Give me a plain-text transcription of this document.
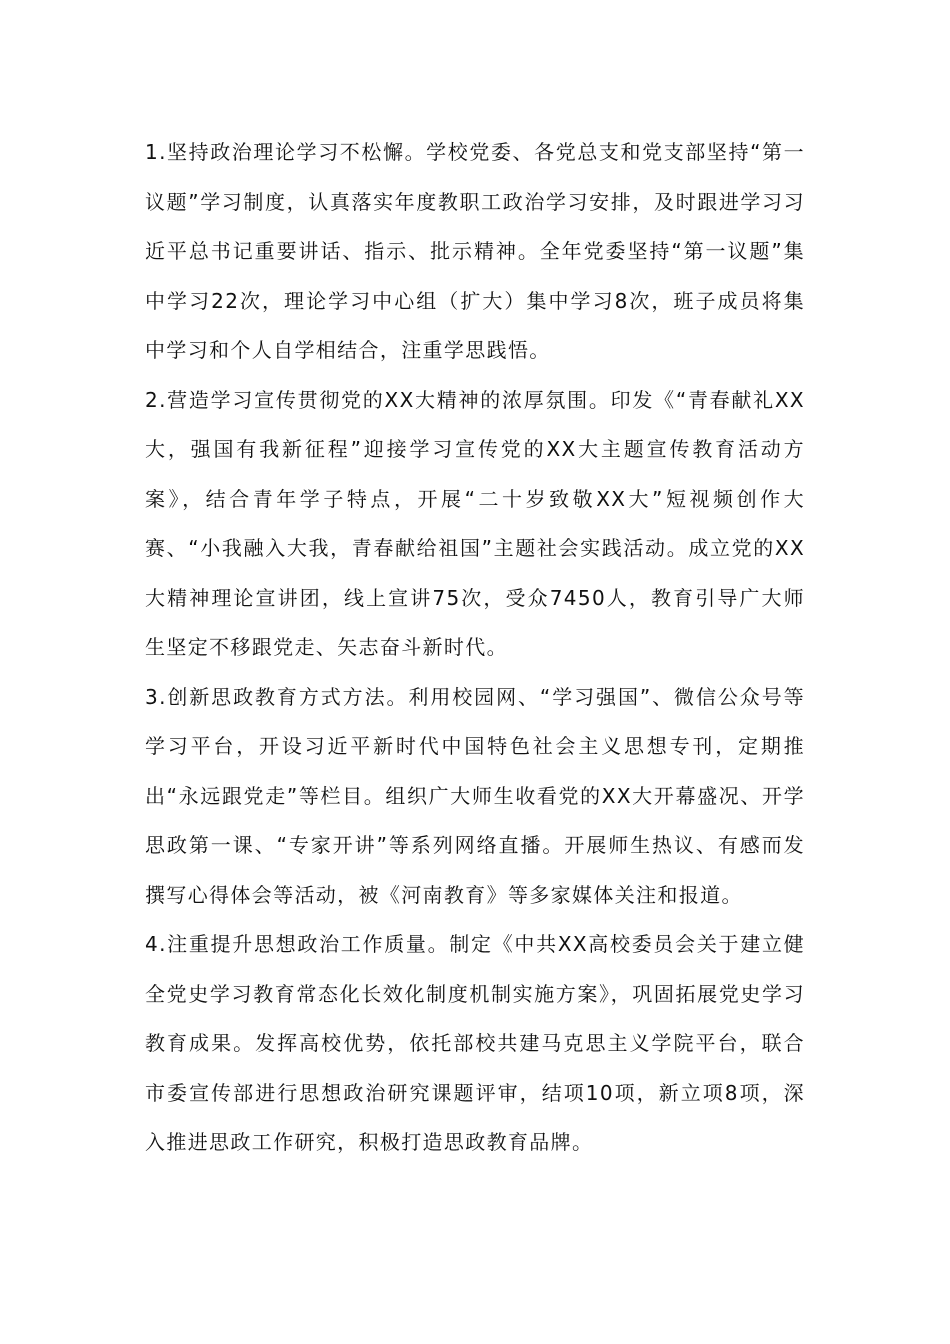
1.坚持政治理论学习不松懈。学校党委、各党总支和党支部坚持“第一议题”学习制度，认真落实年度教职工政治学习安排，及时跟进学习习近平总书记重要讲话、指示、批示精神。全年党委坚持“第一议题”集中学习22次，理论学习中心组（扩大）集中学习8次，班子成员将集中学习和个人自学相结合，注重学思践悟。

2.营造学习宣传贯彻党的XX大精神的浓厚氛围。印发《“青春献礼XX大，强国有我新征程”迎接学习宣传党的XX大主题宣传教育活动方案》，结合青年学子特点，开展“二十岁致敬XX大”短视频创作大赛、“小我融入大我，青春献给祖国”主题社会实践活动。成立党的XX大精神理论宣讲团，线上宣讲75次，受众7450人，教育引导广大师生坚定不移跟党走、矢志奋斗新时代。

3.创新思政教育方式方法。利用校园网、“学习强国”、微信公众号等学习平台，开设习近平新时代中国特色社会主义思想专刊，定期推出“永远跟党走”等栏目。组织广大师生收看党的XX大开幕盛况、开学思政第一课、“专家开讲”等系列网络直播。开展师生热议、有感而发撰写心得体会等活动，被《河南教育》等多家媒体关注和报道。

4.注重提升思想政治工作质量。制定《中共XX高校委员会关于建立健全党史学习教育常态化长效化制度机制实施方案》，巩固拓展党史学习教育成果。发挥高校优势，依托部校共建马克思主义学院平台，联合市委宣传部进行思想政治研究课题评审，结项10项，新立项8项，深入推进思政工作研究，积极打造思政教育品牌。
